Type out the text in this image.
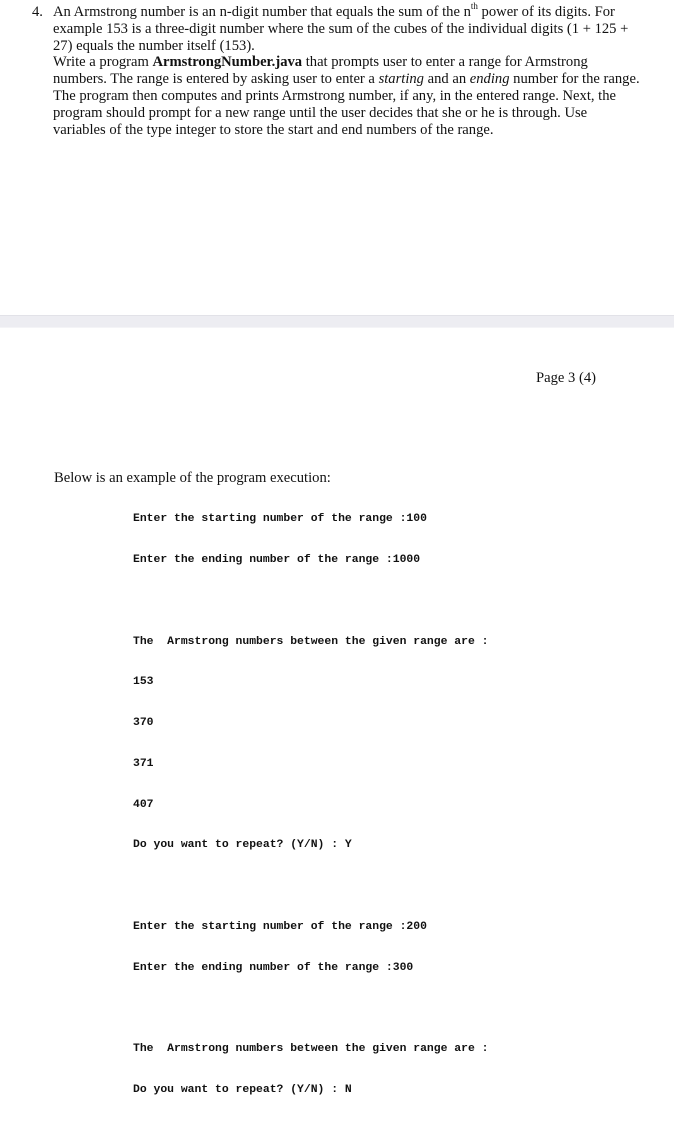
4. An Armstrong number is an n-digit number that equals the sum of the $n^{th}$ power of its digits. For example 153 is a three-digit number where the sum of the cubes of the individual digits (1 + 125 + 27) equals the number itself (153).

Write a program ArmstrongNumber.java that prompts user to enter a range for Armstrong numbers. The range is entered by asking user to enter a starting and an ending number for the range. The program then computes and prints Armstrong number, if any, in the entered range. Next, the program should prompt for a new range until the user decides that she or he is through. Use variables of the type integer to store the start and end numbers of the range.

Page 3 (4)
Below is an example of the program execution:

Enter the starting number of the range :100

Enter the ending number of the range :1000

The  Armstrong numbers between the given range are :

153

370

371

407

Do you want to repeat? (Y/N) : Y

Enter the starting number of the range :200

Enter the ending number of the range :300

The  Armstrong numbers between the given range are :

Do you want to repeat? (Y/N) : N
